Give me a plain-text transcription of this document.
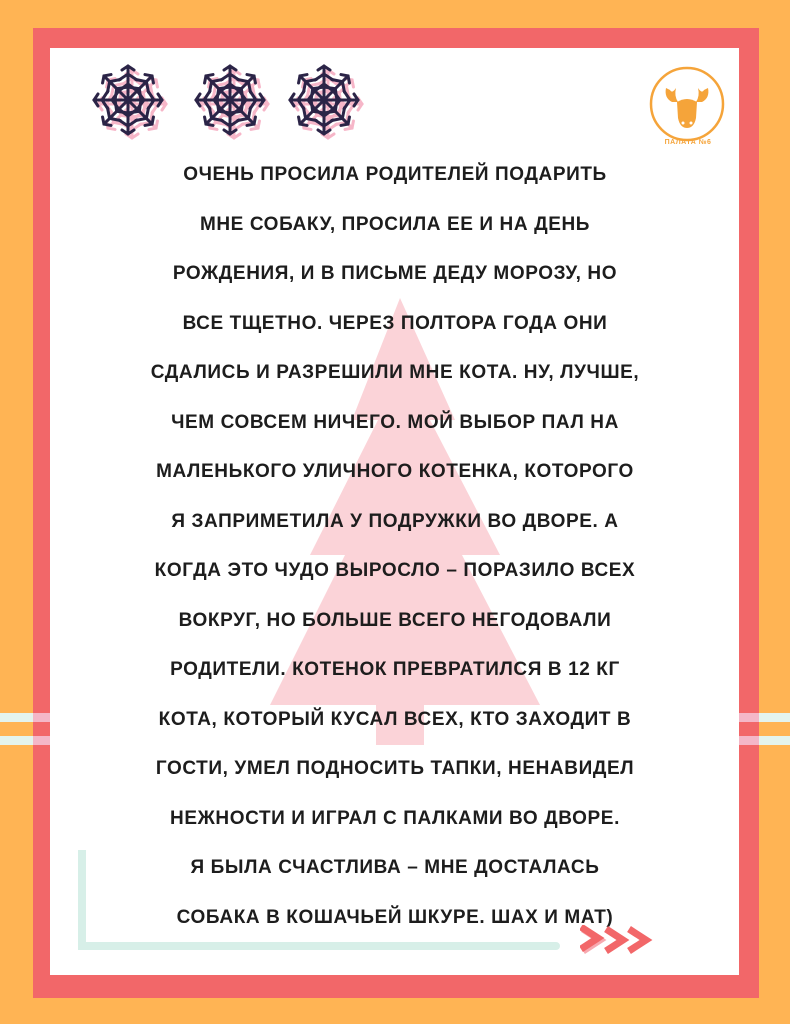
ПАЛАТА №6
ОЧЕНЬ ПРОСИЛА РОДИТЕЛЕЙ ПОДАРИТЬ
МНЕ СОБАКУ, ПРОСИЛА ЕЕ И НА ДЕНЬ
РОЖДЕНИЯ, И В ПИСЬМЕ ДЕДУ МОРОЗУ, НО
ВСЕ ТЩЕТНО. ЧЕРЕЗ ПОЛТОРА ГОДА ОНИ
СДАЛИСЬ И РАЗРЕШИЛИ МНЕ КОТА. НУ, ЛУЧШЕ,
ЧЕМ СОВСЕМ НИЧЕГО. МОЙ ВЫБОР ПАЛ НА
МАЛЕНЬКОГО УЛИЧНОГО КОТЕНКА, КОТОРОГО
Я ЗАПРИМЕТИЛА У ПОДРУЖКИ ВО ДВОРЕ. А
КОГДА ЭТО ЧУДО ВЫРОСЛО – ПОРАЗИЛО ВСЕХ
ВОКРУГ, НО БОЛЬШЕ ВСЕГО НЕГОДОВАЛИ
РОДИТЕЛИ. КОТЕНОК ПРЕВРАТИЛСЯ В 12 КГ
КОТА, КОТОРЫЙ КУСАЛ ВСЕХ, КТО ЗАХОДИТ В
ГОСТИ, УМЕЛ ПОДНОСИТЬ ТАПКИ, НЕНАВИДЕЛ
НЕЖНОСТИ И ИГРАЛ С ПАЛКАМИ ВО ДВОРЕ.
Я БЫЛА СЧАСТЛИВА – МНЕ ДОСТАЛАСЬ
СОБАКА В КОШАЧЬЕЙ ШКУРЕ. ШАХ И МАТ)
